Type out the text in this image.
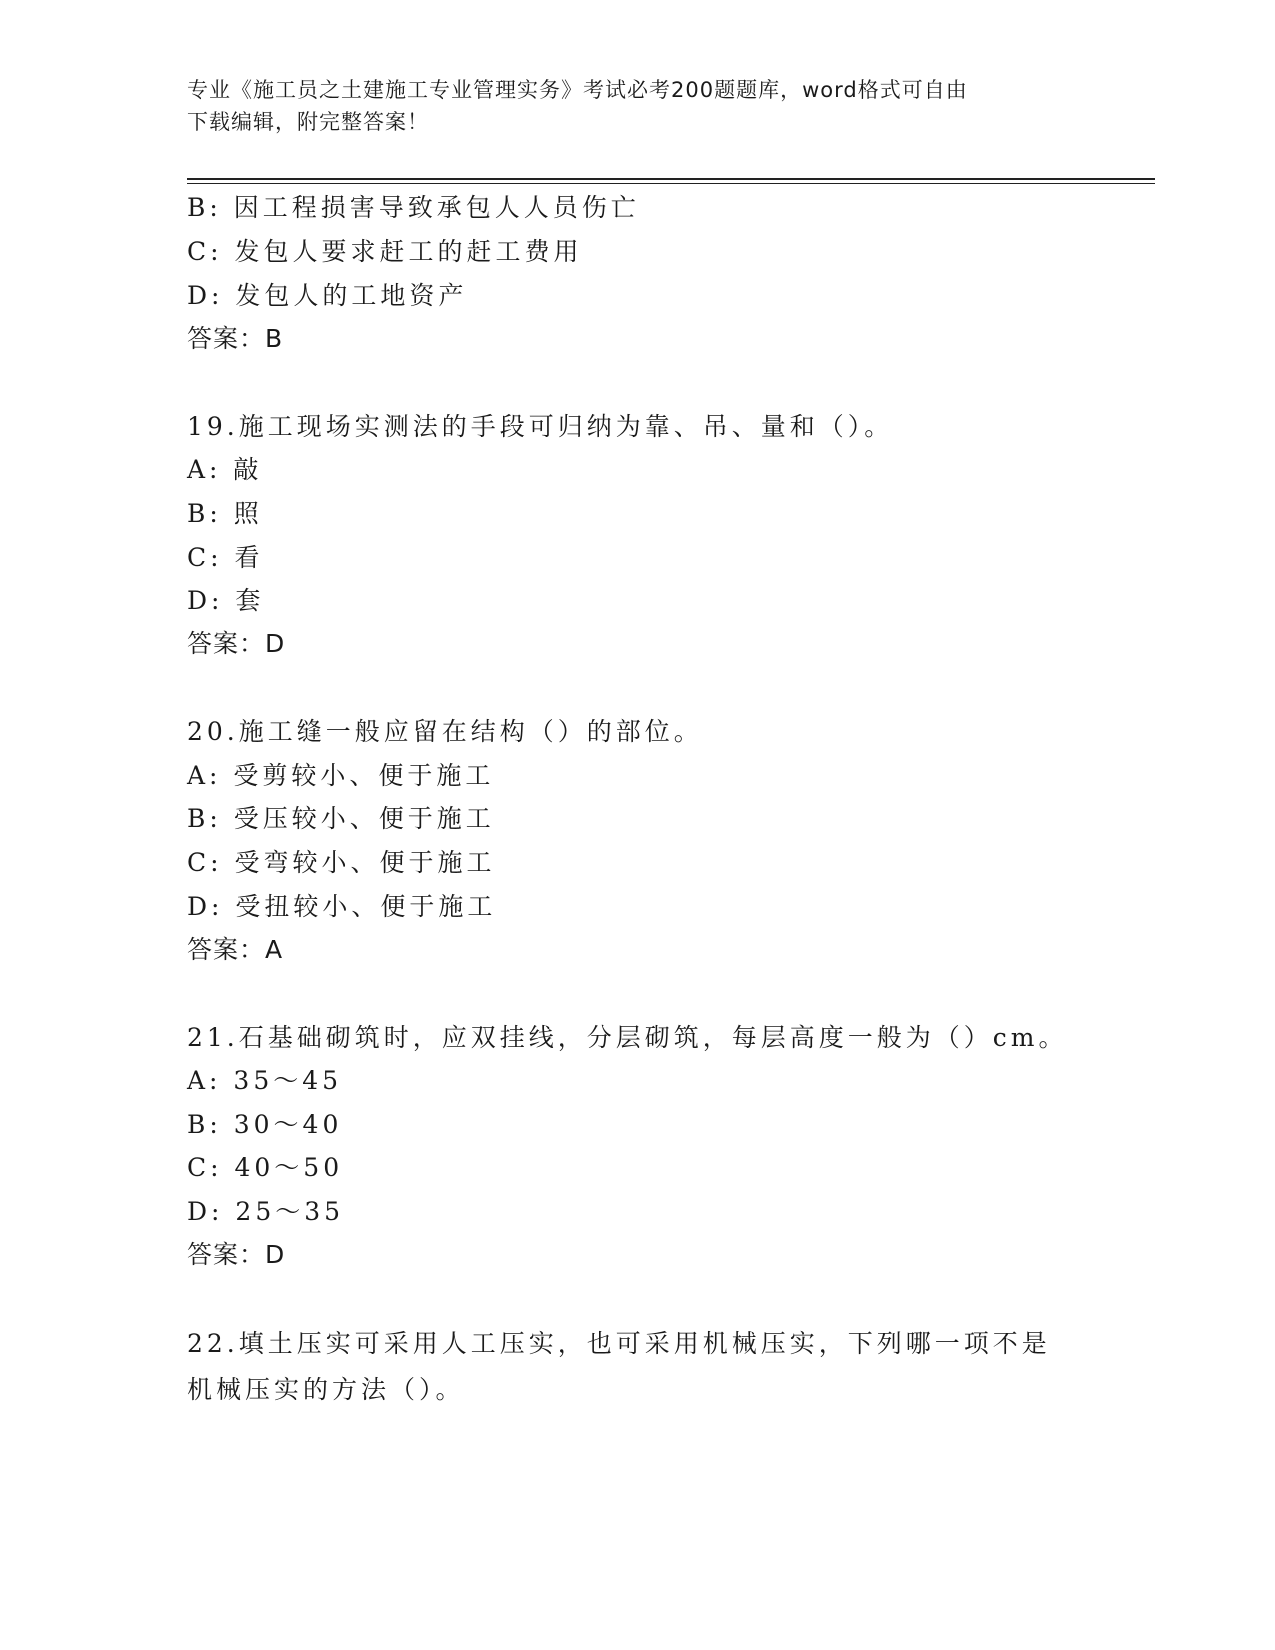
专业《施工员之土建施工专业管理实务》考试必考200题题库，word格式可自由
下载编辑，附完整答案！
B: 因工程损害导致承包人人员伤亡
C: 发包人要求赶工的赶工费用
D: 发包人的工地资产
答案：B
19.施工现场实测法的手段可归纳为靠、吊、量和（）。
A: 敲
B: 照
C: 看
D: 套
答案：D
20.施工缝一般应留在结构（）的部位。
A: 受剪较小、便于施工
B: 受压较小、便于施工
C: 受弯较小、便于施工
D: 受扭较小、便于施工
答案：A
21.石基础砌筑时，应双挂线，分层砌筑，每层高度一般为（）cm。
A: 35～45
B: 30～40
C: 40～50
D: 25～35
答案：D
22.填土压实可采用人工压实，也可采用机械压实，下列哪一项不是机械压实的方法（）。
